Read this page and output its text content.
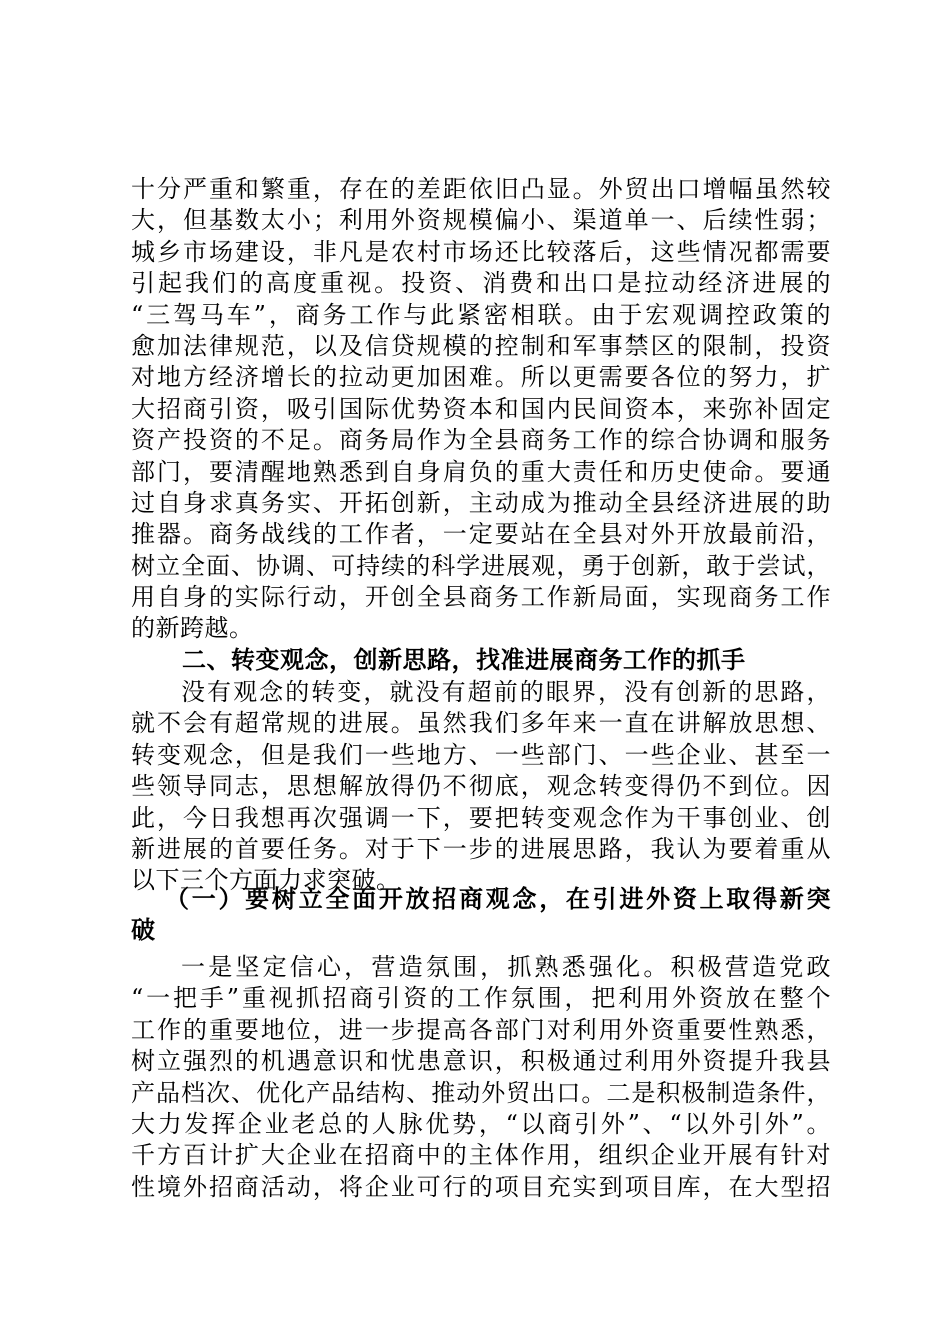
十分严重和繁重，存在的差距依旧凸显。外贸出口增幅虽然较
大，但基数太小；利用外资规模偏小、渠道单一、后续性弱；
城乡市场建设，非凡是农村市场还比较落后，这些情况都需要
引起我们的高度重视。投资、消费和出口是拉动经济进展的
“三驾马车”，商务工作与此紧密相联。由于宏观调控政策的
愈加法律规范，以及信贷规模的控制和军事禁区的限制，投资
对地方经济增长的拉动更加困难。所以更需要各位的努力，扩
大招商引资，吸引国际优势资本和国内民间资本，来弥补固定
资产投资的不足。商务局作为全县商务工作的综合协调和服务
部门，要清醒地熟悉到自身肩负的重大责任和历史使命。要通
过自身求真务实、开拓创新，主动成为推动全县经济进展的助
推器。商务战线的工作者，一定要站在全县对外开放最前沿，
树立全面、协调、可持续的科学进展观，勇于创新，敢于尝试，
用自身的实际行动，开创全县商务工作新局面，实现商务工作
的新跨越。
二、转变观念，创新思路，找准进展商务工作的抓手
没有观念的转变，就没有超前的眼界，没有创新的思路，
就不会有超常规的进展。虽然我们多年来一直在讲解放思想、
转变观念，但是我们一些地方、一些部门、一些企业、甚至一
些领导同志，思想解放得仍不彻底，观念转变得仍不到位。因
此，今日我想再次强调一下，要把转变观念作为干事创业、创
新进展的首要任务。对于下一步的进展思路，我认为要着重从
以下三个方面力求突破。
（一）要树立全面开放招商观念，在引进外资上取得新突
破
一是坚定信心，营造氛围，抓熟悉强化。积极营造党政
“一把手”重视抓招商引资的工作氛围，把利用外资放在整个
工作的重要地位，进一步提高各部门对利用外资重要性熟悉，
树立强烈的机遇意识和忧患意识，积极通过利用外资提升我县
产品档次、优化产品结构、推动外贸出口。二是积极制造条件，
大力发挥企业老总的人脉优势，“以商引外”、“以外引外”。
千方百计扩大企业在招商中的主体作用，组织企业开展有针对
性境外招商活动，将企业可行的项目充实到项目库，在大型招
